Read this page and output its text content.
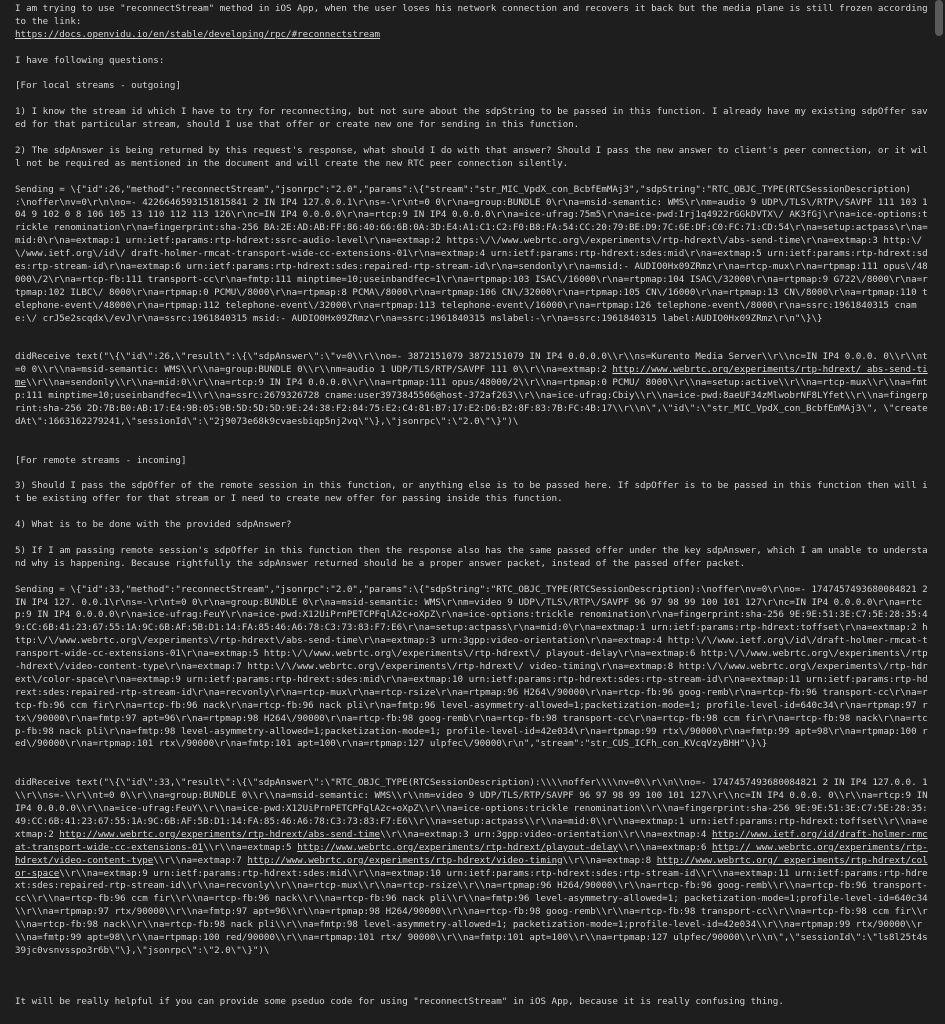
I am trying to use "reconnectStream" method in iOS App, when the user loses his network connection and recovers it back but the media plane is still frozen according to the link:
https://docs.openvidu.io/en/stable/developing/rpc/#reconnectstream

I have following questions:

[For local streams - outgoing]

1) I know the stream id which I have to try for reconnecting, but not sure about the sdpString to be passed in this function. I already have my existing sdpOffer saved for that particular stream, should I use that offer or create new one for sending in this function.

2) The sdpAnswer is being returned by this request's response, what should I do with that answer? Should I pass the new answer to client's peer connection, or it will not be required as mentioned in the document and will create the new RTC peer connection silently.

Sending = \{"id":26,"method":"reconnectStream","jsonrpc":"2.0","params":\{"stream":"str_MIC_VpdX_con_BcbfEmMAj3","sdpString":"RTC_OBJC_TYPE(RTCSessionDescription) :\noffer\nv=0\r\n\no=- 4226646593151815841 2 IN IP4 127.0.0.1\r\ns=-\r\nt=0 0\r\na=group:BUNDLE 0\r\na=msid-semantic: WMS\r\nm=audio 9 UDP\/TLS\/RTP\/SAVPF 111 103 104 9 102 0 8 106 105 13 110 112 113 126\r\nc=IN IP4 0.0.0.0\r\na=rtcp:9 IN IP4 0.0.0.0\r\na=ice-ufrag:75m5\r\na=ice-pwd:Irj1q4922rGGkDVTX\/ AK3fGj\r\na=ice-options:trickle renomination\r\na=fingerprint:sha-256 BA:2E:AD:AB:FF:86:40:66:6B:0A:3D:E4:A1:C1:C2:F0:B8:FA:54:CC:20:79:BE:D9:7C:6E:DF:C0:FC:71:CD:54\r\na=setup:actpass\r\na=mid:0\r\na=extmap:1 urn:ietf:params:rtp-hdrext:ssrc-audio-level\r\na=extmap:2 https:\/\/www.webrtc.org\/experiments\/rtp-hdrext\/abs-send-time\r\na=extmap:3 http:\/\/www.ietf.org\/id\/ draft-holmer-rmcat-transport-wide-cc-extensions-01\r\na=extmap:4 urn:ietf:params:rtp-hdrext:sdes:mid\r\na=extmap:5 urn:ietf:params:rtp-hdrext:sdes:rtp-stream-id\r\na=extmap:6 urn:ietf:params:rtp-hdrext:sdes:repaired-rtp-stream-id\r\na=sendonly\r\na=msid:- AUDIO0Hx09ZRmz\r\na=rtcp-mux\r\na=rtpmap:111 opus\/48000\/2\r\na=rtcp-fb:111 transport-cc\r\na=fmtp:111 minptime=10;useinbandfec=1\r\na=rtpmap:103 ISAC\/16000\r\na=rtpmap:104 ISAC\/32000\r\na=rtpmap:9 G722\/8000\r\na=rtpmap:102 ILBC\/ 8000\r\na=rtpmap:0 PCMU\/8000\r\na=rtpmap:8 PCMA\/8000\r\na=rtpmap:106 CN\/32000\r\na=rtpmap:105 CN\/16000\r\na=rtpmap:13 CN\/8000\r\na=rtpmap:110 telephone-event\/48000\r\na=rtpmap:112 telephone-event\/32000\r\na=rtpmap:113 telephone-event\/16000\r\na=rtpmap:126 telephone-event\/8000\r\na=ssrc:1961840315 cname:\/ crJ5e2scqdx\/evJ\r\na=ssrc:1961840315 msid:- AUDIO0Hx09ZRmz\r\na=ssrc:1961840315 mslabel:-\r\na=ssrc:1961840315 label:AUDIO0Hx09ZRmz\r\n"\}\}

didReceive text("\{\"id\":26,\"result\":\{\"sdpAnswer\":\"v=0\\r\\no=- 3872151079 3872151079 IN IP4 0.0.0.0\\r\\ns=Kurento Media Server\\r\\nc=IN IP4 0.0.0. 0\\r\\nt=0 0\\r\\na=msid-semantic: WMS\\r\\na=group:BUNDLE 0\\r\\nm=audio 1 UDP/TLS/RTP/SAVPF 111 0\\r\\na=extmap:2 http://www.webrtc.org/experiments/rtp-hdrext/ abs-send-time\\r\\na=sendonly\\r\\na=mid:0\\r\\na=rtcp:9 IN IP4 0.0.0.0\\r\\na=rtpmap:111 opus/48000/2\\r\\na=rtpmap:0 PCMU/ 8000\\r\\na=setup:active\\r\\na=rtcp-mux\\r\\na=fmtp:111 minptime=10;useinbandfec=1\\r\\na=ssrc:2679326728 cname:user3973845506@host-372af263\\r\\na=ice-ufrag:Cbiy\\r\\na=ice-pwd:8aeUF34zMlwobrNF8LYfet\\r\\na=fingerprint:sha-256 2D:7B:B0:AB:17:E4:9B:05:9B:5D:5D:5D:9E:24:38:F2:84:75:E2:C4:81:B7:17:E2:D6:B2:8F:83:7B:FC:4B:17\\r\\n\",\"id\":\"str_MIC_VpdX_con_BcbfEmMAj3\", \"createdAt\":1663162279241,\"sessionId\":\"2j9073e68k9cvaesbiqp5nj2vq\"\},\"jsonrpc\":\"2.0\"\}")\

[For remote streams - incoming]

3) Should I pass the sdpOffer of the remote session in this function, or anything else is to be passed here. If sdpOffer is to be passed in this function then will it be existing offer for that stream or I need to create new offer for passing inside this function.

4) What is to be done with the provided sdpAnswer?

5) If I am passing remote session's sdpOffer in this function then the response also has the same passed offer under the key sdpAnswer, which I am unable to understand why is happening. Because rightfully the sdpAnswer returned should be a proper answer packet, instead of the passed offer packet.

Sending = \{"id":33,"method":"reconnectStream","jsonrpc":"2.0","params":\{"sdpString":"RTC_OBJC_TYPE(RTCSessionDescription):\noffer\nv=0\r\no=- 1747457493680084821 2 IN IP4 127. 0.0.1\r\ns=-\r\nt=0 0\r\na=group:BUNDLE 0\r\na=msid-semantic: WMS\r\nm=video 9 UDP\/TLS\/RTP\/SAVPF 96 97 98 99 100 101 127\r\nc=IN IP4 0.0.0.0\r\na=rtcp:9 IN IP4 0.0.0.0\r\na=ice-ufrag:FeuY\r\na=ice-pwd:X12UiPrnPETCPFqlA2c+oXpZ\r\na=ice-options:trickle renomination\r\na=fingerprint:sha-256 9E:9E:51:3E:C7:5E:28:35:49:CC:6B:41:23:67:55:1A:9C:6B:AF:5B:D1:14:FA:85:46:A6:78:C3:73:83:F7:E6\r\na=setup:actpass\r\na=mid:0\r\na=extmap:1 urn:ietf:params:rtp-hdrext:toffset\r\na=extmap:2 http:\/\/www.webrtc.org\/experiments\/rtp-hdrext\/abs-send-time\r\na=extmap:3 urn:3gpp:video-orientation\r\na=extmap:4 http:\/\/www.ietf.org\/id\/draft-holmer-rmcat-transport-wide-cc-extensions-01\r\na=extmap:5 http:\/\/www.webrtc.org\/experiments\/rtp-hdrext\/ playout-delay\r\na=extmap:6 http:\/\/www.webrtc.org\/experiments\/rtp-hdrext\/video-content-type\r\na=extmap:7 http:\/\/www.webrtc.org\/experiments\/rtp-hdrext\/ video-timing\r\na=extmap:8 http:\/\/www.webrtc.org\/experiments\/rtp-hdrext\/color-space\r\na=extmap:9 urn:ietf:params:rtp-hdrext:sdes:mid\r\na=extmap:10 urn:ietf:params:rtp-hdrext:sdes:rtp-stream-id\r\na=extmap:11 urn:ietf:params:rtp-hdrext:sdes:repaired-rtp-stream-id\r\na=recvonly\r\na=rtcp-mux\r\na=rtcp-rsize\r\na=rtpmap:96 H264\/90000\r\na=rtcp-fb:96 goog-remb\r\na=rtcp-fb:96 transport-cc\r\na=rtcp-fb:96 ccm fir\r\na=rtcp-fb:96 nack\r\na=rtcp-fb:96 nack pli\r\na=fmtp:96 level-asymmetry-allowed=1;packetization-mode=1; profile-level-id=640c34\r\na=rtpmap:97 rtx\/90000\r\na=fmtp:97 apt=96\r\na=rtpmap:98 H264\/90000\r\na=rtcp-fb:98 goog-remb\r\na=rtcp-fb:98 transport-cc\r\na=rtcp-fb:98 ccm fir\r\na=rtcp-fb:98 nack\r\na=rtcp-fb:98 nack pli\r\na=fmtp:98 level-asymmetry-allowed=1;packetization-mode=1; profile-level-id=42e034\r\na=rtpmap:99 rtx\/90000\r\na=fmtp:99 apt=98\r\na=rtpmap:100 red\/90000\r\na=rtpmap:101 rtx\/90000\r\na=fmtp:101 apt=100\r\na=rtpmap:127 ulpfec\/90000\r\n","stream":"str_CUS_ICFh_con_KVcqVzyBHH"\}\}

didReceive text("\{\"id\":33,\"result\":\{\"sdpAnswer\":\"RTC_OBJC_TYPE(RTCSessionDescription):\\\\noffer\\\\nv=0\\r\\n\\no=- 1747457493680084821 2 IN IP4 127.0.0. 1\\r\\ns=-\\r\\nt=0 0\\r\\na=group:BUNDLE 0\\r\\na=msid-semantic: WMS\\r\\nm=video 9 UDP/TLS/RTP/SAVPF 96 97 98 99 100 101 127\\r\\nc=IN IP4 0.0.0. 0\\r\\na=rtcp:9 IN IP4 0.0.0.0\\r\\na=ice-ufrag:FeuY\\r\\na=ice-pwd:X12UiPrnPETCPFqlA2c+oXpZ\\r\\na=ice-options:trickle renomination\\r\\na=fingerprint:sha-256 9E:9E:51:3E:C7:5E:28:35:49:CC:6B:41:23:67:55:1A:9C:6B:AF:5B:D1:14:FA:85:46:A6:78:C3:73:83:F7:E6\\r\\na=setup:actpass\\r\\na=mid:0\\r\\na=extmap:1 urn:ietf:params:rtp-hdrext:toffset\\r\\na=extmap:2 http://www.webrtc.org/experiments/rtp-hdrext/abs-send-time\\r\\na=extmap:3 urn:3gpp:video-orientation\\r\\na=extmap:4 http://www.ietf.org/id/draft-holmer-rmcat-transport-wide-cc-extensions-01\\r\\na=extmap:5 http://www.webrtc.org/experiments/rtp-hdrext/playout-delay\\r\\na=extmap:6 http:// www.webrtc.org/experiments/rtp-hdrext/video-content-type\\r\\na=extmap:7 http://www.webrtc.org/experiments/rtp-hdrext/video-timing\\r\\na=extmap:8 http://www.webrtc.org/ experiments/rtp-hdrext/color-space\\r\\na=extmap:9 urn:ietf:params:rtp-hdrext:sdes:mid\\r\\na=extmap:10 urn:ietf:params:rtp-hdrext:sdes:rtp-stream-id\\r\\na=extmap:11 urn:ietf:params:rtp-hdrext:sdes:repaired-rtp-stream-id\\r\\na=recvonly\\r\\na=rtcp-mux\\r\\na=rtcp-rsize\\r\\na=rtpmap:96 H264/90000\\r\\na=rtcp-fb:96 goog-remb\\r\\na=rtcp-fb:96 transport-cc\\r\\na=rtcp-fb:96 ccm fir\\r\\na=rtcp-fb:96 nack\\r\\na=rtcp-fb:96 nack pli\\r\\na=fmtp:96 level-asymmetry-allowed=1; packetization-mode=1;profile-level-id=640c34\\r\\na=rtpmap:97 rtx/90000\\r\\na=fmtp:97 apt=96\\r\\na=rtpmap:98 H264/90000\\r\\na=rtcp-fb:98 goog-remb\\r\\na=rtcp-fb:98 transport-cc\\r\\na=rtcp-fb:98 ccm fir\\r\\na=rtcp-fb:98 nack\\r\\na=rtcp-fb:98 nack pli\\r\\na=fmtp:98 level-asymmetry-allowed=1; packetization-mode=1;profile-level-id=42e034\\r\\na=rtpmap:99 rtx/90000\\r\\na=fmtp:99 apt=98\\r\\na=rtpmap:100 red/90000\\r\\na=rtpmap:101 rtx/ 90000\\r\\na=fmtp:101 apt=100\\r\\na=rtpmap:127 ulpfec/90000\\r\\n\",\"sessionId\":\"ls8l25t4s39jc0vsnvsspo3r6b\"\},\"jsonrpc\":\"2.0\"\}")\

It will be really helpful if you can provide some pseduo code for using "reconnectStream" in iOS App, because it is really confusing thing.
